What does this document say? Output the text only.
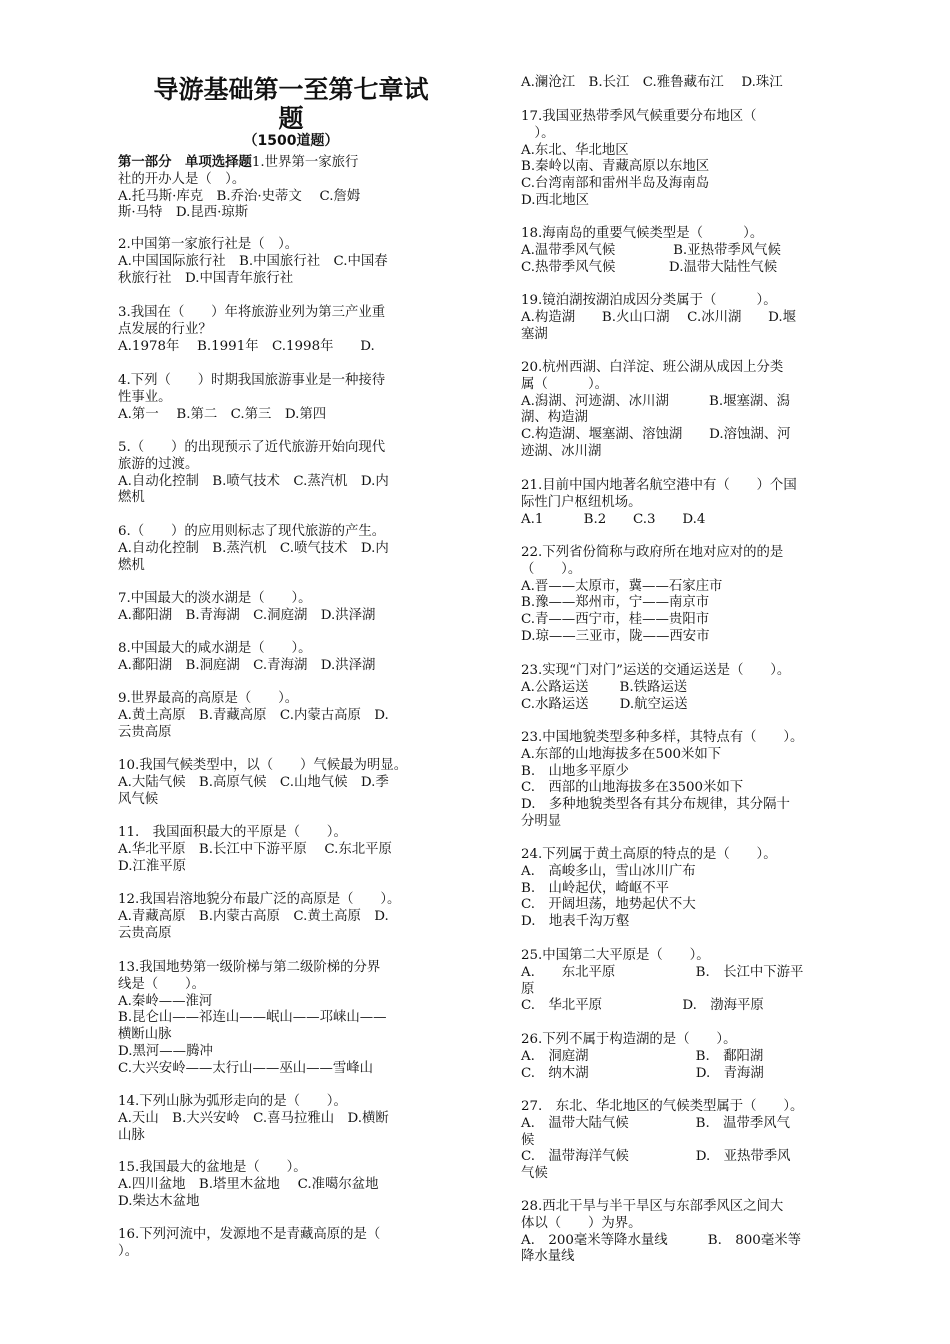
导游基础第一至第七章试
题
（1500道题）
第一部分　单项选择题1.世界第一家旅行
社的开办人是（　）。
A.托马斯·库克　B.乔治·史蒂文　 C.詹姆
斯·马特　D.昆西·琼斯
2.中国第一家旅行社是（　）。
A.中国国际旅行社　B.中国旅行社　C.中国春
秋旅行社　D.中国青年旅行社
3.我国在（　　）年将旅游业列为第三产业重
点发展的行业？
A.1978年　 B.1991年　C.1998年　　D.
4.下列（　　）时期我国旅游事业是一种接待
性事业。
A.第一　 B.第二　C.第三　D.第四
5.（　　）的出现预示了近代旅游开始向现代
旅游的过渡。
A.自动化控制　B.喷气技术　C.蒸汽机　D.内
燃机
6.（　　）的应用则标志了现代旅游的产生。
A.自动化控制　B.蒸汽机　C.喷气技术　D.内
燃机
7.中国最大的淡水湖是（　　）。
A.鄱阳湖　B.青海湖　C.洞庭湖　D.洪泽湖
8.中国最大的咸水湖是（　　）。
A.鄱阳湖　B.洞庭湖　C.青海湖　D.洪泽湖
9.世界最高的高原是（　　）。
A.黄土高原　B.青藏高原　C.内蒙古高原　D.
云贵高原
10.我国气候类型中，以（　　）气候最为明显。
A.大陆气候　B.高原气候　C.山地气候　D.季
风气候
11.　我国面积最大的平原是（　　）。
A.华北平原　B.长江中下游平原　 C.东北平原
D.江淮平原
12.我国岩溶地貌分布最广泛的高原是（　　）。
A.青藏高原　B.内蒙古高原　C.黄土高原　D.
云贵高原
13.我国地势第一级阶梯与第二级阶梯的分界
线是（　　）。
A.秦岭——淮河
B.昆仑山——祁连山——岷山——邛崃山——
横断山脉
D.黑河——腾冲
C.大兴安岭——太行山——巫山——雪峰山
14.下列山脉为弧形走向的是（　　）。
A.天山　B.大兴安岭　C.喜马拉雅山　D.横断
山脉
15.我国最大的盆地是（　　）。
A.四川盆地　B.塔里木盆地　 C.准噶尔盆地
D.柴达木盆地
16.下列河流中，发源地不是青藏高原的是（
）。
A.澜沧江　B.长江　C.雅鲁藏布江　 D.珠江
17.我国亚热带季风气候重要分布地区（
　）。
A.东北、华北地区
B.秦岭以南、青藏高原以东地区
C.台湾南部和雷州半岛及海南岛
D.西北地区
18.海南岛的重要气候类型是（　　　）。
A.温带季风气候　　　　 B.亚热带季风气候
C.热带季风气候　　　　D.温带大陆性气候
19.镜泊湖按湖泊成因分类属于（　　　）。
A.构造湖　　B.火山口湖　 C.冰川湖　　D.堰
塞湖
20.杭州西湖、白洋淀、班公湖从成因上分类
属（　　　）。
A.潟湖、河迹湖、冰川湖　　　B.堰塞湖、潟
湖、构造湖
C.构造湖、堰塞湖、溶蚀湖　　D.溶蚀湖、河
迹湖、冰川湖
21.目前中国内地著名航空港中有（　　）个国
际性门户枢纽机场。
A.1　　　B.2　　C.3　　D.4
22.下列省份简称与政府所在地对应对的的是
（　　）。
A.晋——太原市，冀——石家庄市
B.豫——郑州市，宁——南京市
C.青——西宁市，桂——贵阳市
D.琼——三亚市，陇——西安市
23.实现“门对门”运送的交通运送是（　　）。
A.公路运送　　 B.铁路运送
C.水路运送　　 D.航空运送
23.中国地貌类型多种多样，其特点有（　　）。
A.东部的山地海拔多在500米如下
B.　山地多平原少
C.　西部的山地海拔多在3500米如下
D.　多种地貌类型各有其分布规律，其分隔十
分明显
24.下列属于黄土高原的特点的是（　　）。
A.　高峻多山，雪山冰川广布
B.　山岭起伏，崎岖不平
C.　开阔坦荡，地势起伏不大
D.　地表千沟万壑
25.中国第二大平原是（　　）。
A.　　东北平原　　　　　　B.　长江中下游平
原
C.　华北平原　　　　　　D.　渤海平原
26.下列不属于构造湖的是（　　）。
A.　洞庭湖　　　　　　　　B.　鄱阳湖
C.　纳木湖　　　　　　　　D.　青海湖
27.　东北、华北地区的气候类型属于（　　）。
A.　温带大陆气候　　　　　B.　温带季风气
候
C.　温带海洋气候　　　　　D.　亚热带季风
气候
28.西北干旱与半干旱区与东部季风区之间大
体以（　　）为界。
A.　200毫米等降水量线　　　B.　800毫米等
降水量线
